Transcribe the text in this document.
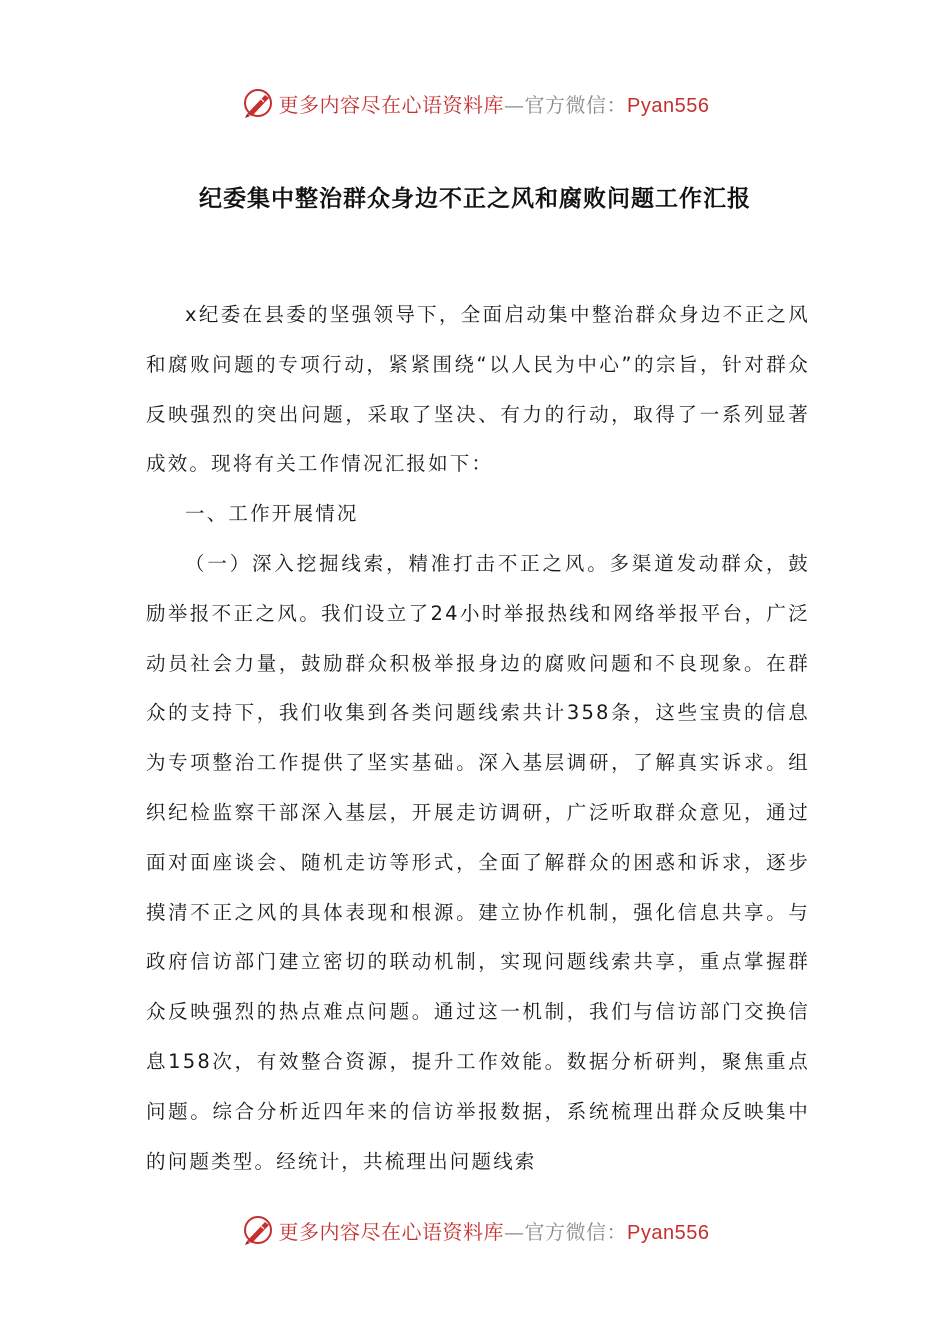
更多内容尽在心语资料库—官方微信：Pyan556
纪委集中整治群众身边不正之风和腐败问题工作汇报

x纪委在县委的坚强领导下，全面启动集中整治群众身边不正之风和腐败问题的专项行动，紧紧围绕“以人民为中心”的宗旨，针对群众反映强烈的突出问题，采取了坚决、有力的行动，取得了一系列显著成效。现将有关工作情况汇报如下：

一、工作开展情况

（一）深入挖掘线索，精准打击不正之风。多渠道发动群众，鼓励举报不正之风。我们设立了24小时举报热线和网络举报平台，广泛动员社会力量，鼓励群众积极举报身边的腐败问题和不良现象。在群众的支持下，我们收集到各类问题线索共计358条，这些宝贵的信息为专项整治工作提供了坚实基础。深入基层调研，了解真实诉求。组织纪检监察干部深入基层，开展走访调研，广泛听取群众意见，通过面对面座谈会、随机走访等形式，全面了解群众的困惑和诉求，逐步摸清不正之风的具体表现和根源。建立协作机制，强化信息共享。与政府信访部门建立密切的联动机制，实现问题线索共享，重点掌握群众反映强烈的热点难点问题。通过这一机制，我们与信访部门交换信息158次，有效整合资源，提升工作效能。数据分析研判，聚焦重点问题。综合分析近四年来的信访举报数据，系统梳理出群众反映集中的问题类型。经统计，共梳理出问题线索

更多内容尽在心语资料库—官方微信：Pyan556
